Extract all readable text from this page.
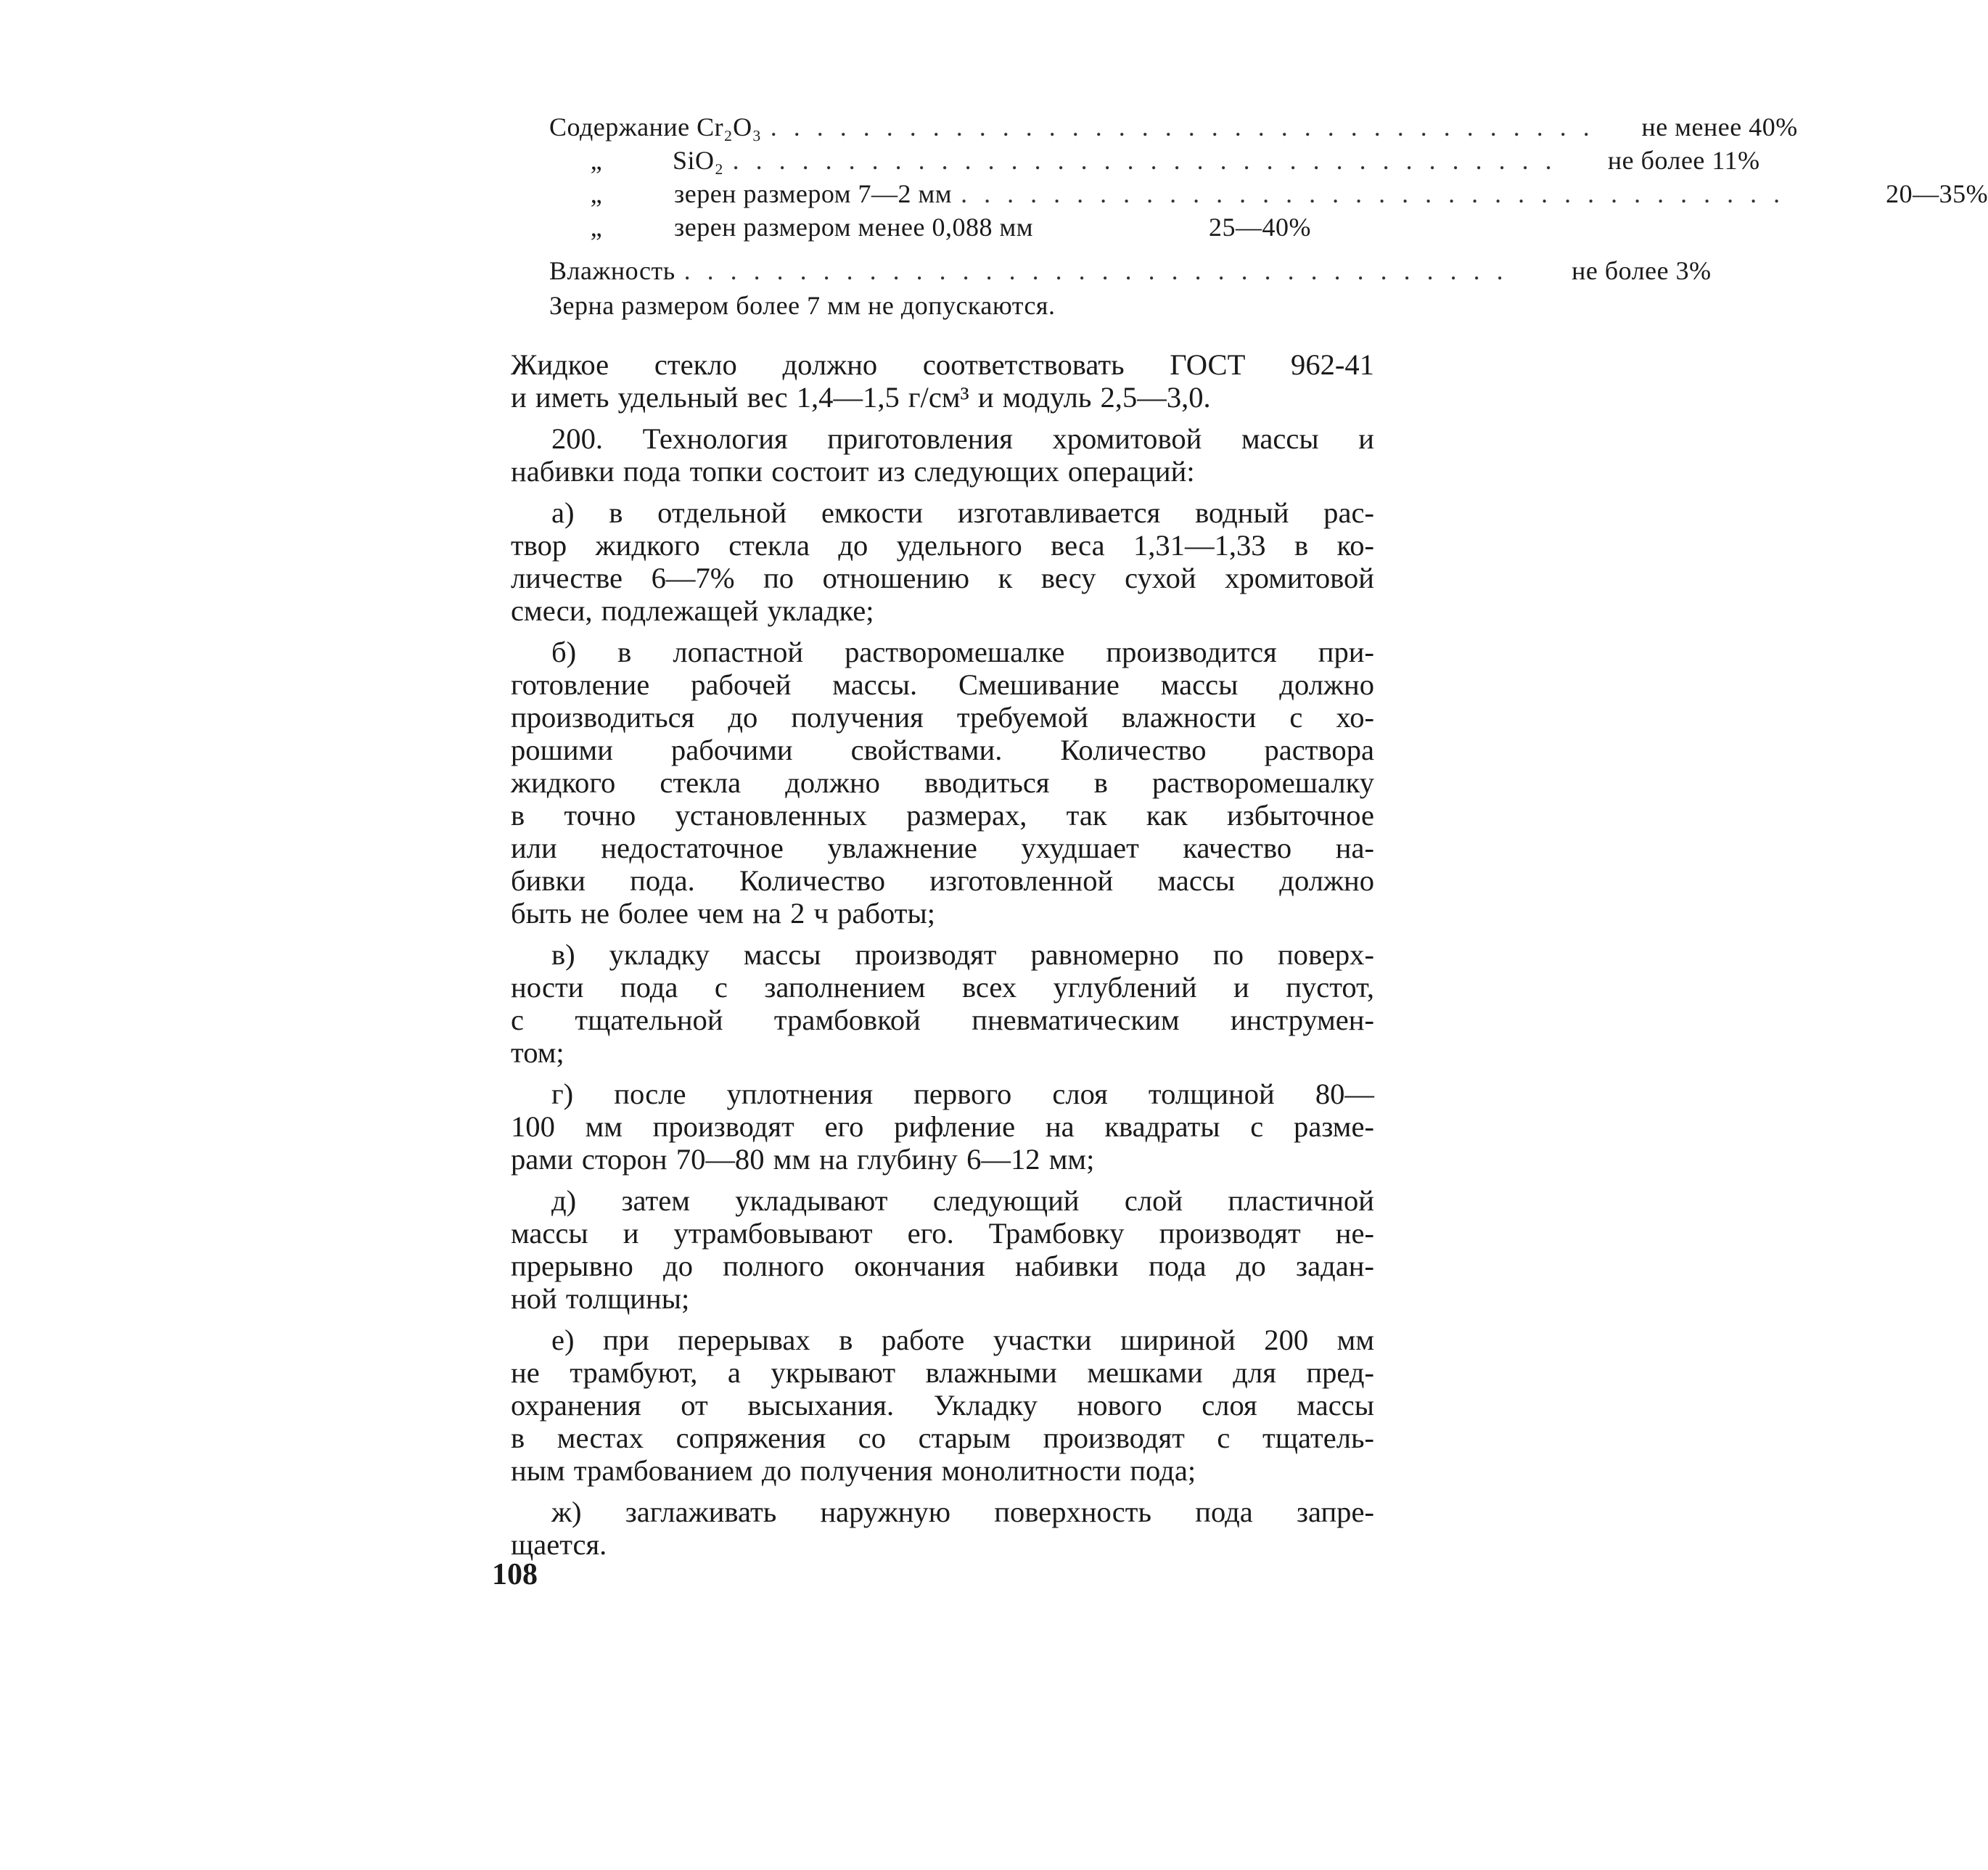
Содержание Cr₂O₃ . . . . . . . . . . . . . . . . . . . . . . . . . . . . . . . . . . . .	не менее 40%
„	SiO₂ . . . . . . . . . . . . . . . . . . . . . . . . . . . . . . . . . . . .	не более 11%
„	зерен размером 7—2 мм . . . . . . . . . . . . . . . . . . . . . . . . . . . . . . . . . . . .	20—35%
„	зерен размером менее 0,088 мм	25—40%
Влажность . . . . . . . . . . . . . . . . . . . . . . . . . . . . . . . . . . . .	не более 3%
Зерна размером более 7 мм не допускаются.
Жидкое стекло должно соответствовать ГОСТ 962-41
и иметь удельный вес 1,4—1,5 г/см³ и модуль 2,5—3,0.
200. Технология приготовления хромитовой массы и
набивки пода топки состоит из следующих операций:
а) в отдельной емкости изготавливается водный рас-
твор жидкого стекла до удельного веса 1,31—1,33 в ко-
личестве 6—7% по отношению к весу сухой хромитовой
смеси, подлежащей укладке;
б) в лопастной растворомешалке производится при-
готовление рабочей массы. Смешивание массы должно
производиться до получения требуемой влажности с хо-
рошими рабочими свойствами. Количество раствора
жидкого стекла должно вводиться в растворомешалку
в точно установленных размерах, так как избыточное
или недостаточное увлажнение ухудшает качество на-
бивки пода. Количество изготовленной массы должно
быть не более чем на 2 ч работы;
в) укладку массы производят равномерно по поверх-
ности пода с заполнением всех углублений и пустот,
с тщательной трамбовкой пневматическим инструмен-
том;
г) после уплотнения первого слоя толщиной 80—
100 мм производят его рифление на квадраты с разме-
рами сторон 70—80 мм на глубину 6—12 мм;
д) затем укладывают следующий слой пластичной
массы и утрамбовывают его. Трамбовку производят не-
прерывно до полного окончания набивки пода до задан-
ной толщины;
е) при перерывах в работе участки шириной 200 мм
не трамбуют, а укрывают влажными мешками для пред-
охранения от высыхания. Укладку нового слоя массы
в местах сопряжения со старым производят с тщатель-
ным трамбованием до получения монолитности пода;
ж) заглаживать наружную поверхность пода запре-
щается.
108
